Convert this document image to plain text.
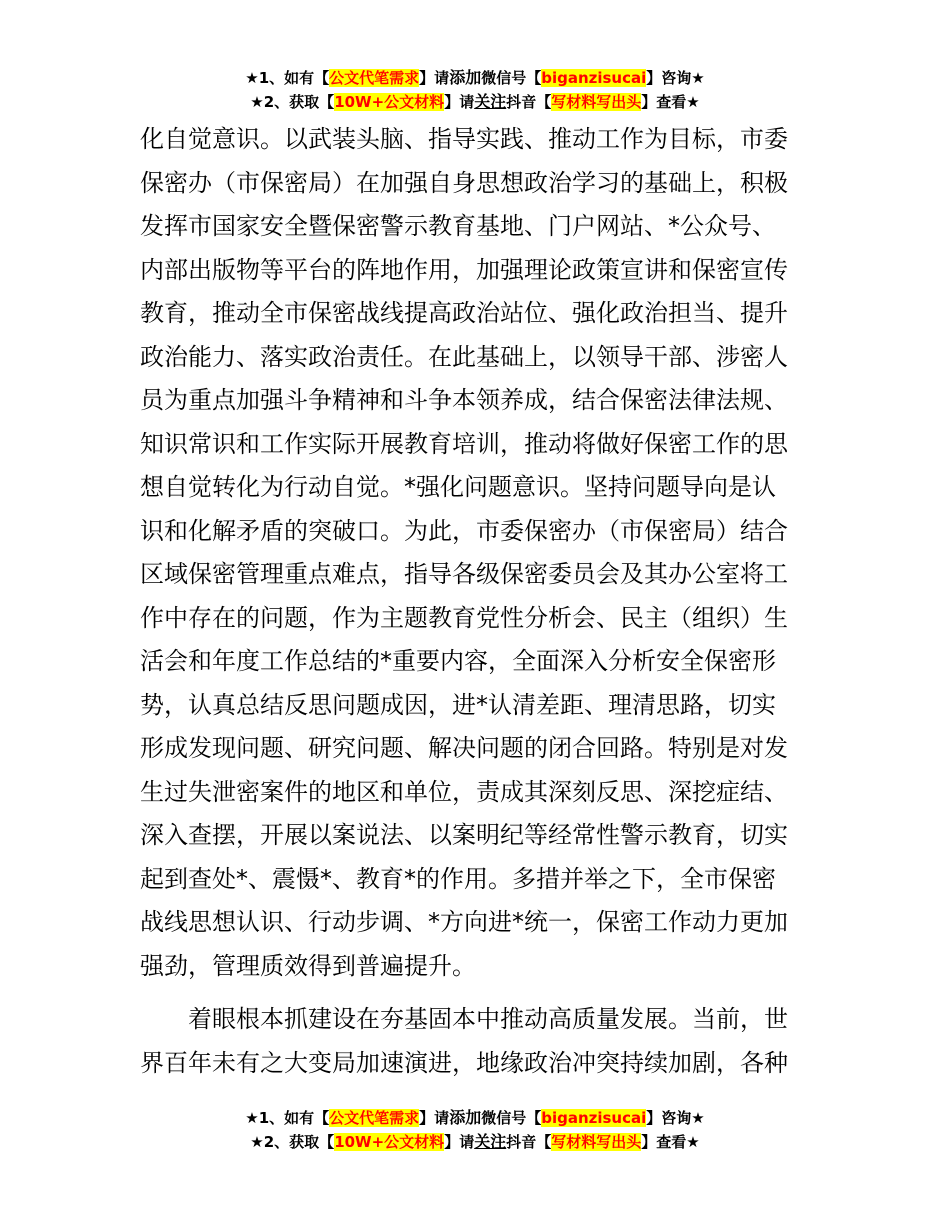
★1、如有【公文代笔需求】请添加微信号【biganzisucai】咨询★
★2、获取【10W+公文材料】请关注抖音【写材料写出头】查看★

化自觉意识。以武装头脑、指导实践、推动工作为目标，市委

保密办（市保密局）在加强自身思想政治学习的基础上，积极

发挥市国家安全暨保密警示教育基地、门户网站、*公众号、

内部出版物等平台的阵地作用，加强理论政策宣讲和保密宣传

教育，推动全市保密战线提高政治站位、强化政治担当、提升

政治能力、落实政治责任。在此基础上，以领导干部、涉密人

员为重点加强斗争精神和斗争本领养成，结合保密法律法规、

知识常识和工作实际开展教育培训，推动将做好保密工作的思

想自觉转化为行动自觉。*强化问题意识。坚持问题导向是认

识和化解矛盾的突破口。为此，市委保密办（市保密局）结合

区域保密管理重点难点，指导各级保密委员会及其办公室将工

作中存在的问题，作为主题教育党性分析会、民主（组织）生

活会和年度工作总结的*重要内容，全面深入分析安全保密形

势，认真总结反思问题成因，进*认清差距、理清思路，切实

形成发现问题、研究问题、解决问题的闭合回路。特别是对发

生过失泄密案件的地区和单位，责成其深刻反思、深挖症结、

深入查摆，开展以案说法、以案明纪等经常性警示教育，切实

起到查处*、震慑*、教育*的作用。多措并举之下，全市保密

战线思想认识、行动步调、*方向进*统一，保密工作动力更加

强劲，管理质效得到普遍提升。

着眼根本抓建设在夯基固本中推动高质量发展。当前，世

界百年未有之大变局加速演进，地缘政治冲突持续加剧，各种

★1、如有【公文代笔需求】请添加微信号【biganzisucai】咨询★
★2、获取【10W+公文材料】请关注抖音【写材料写出头】查看★
